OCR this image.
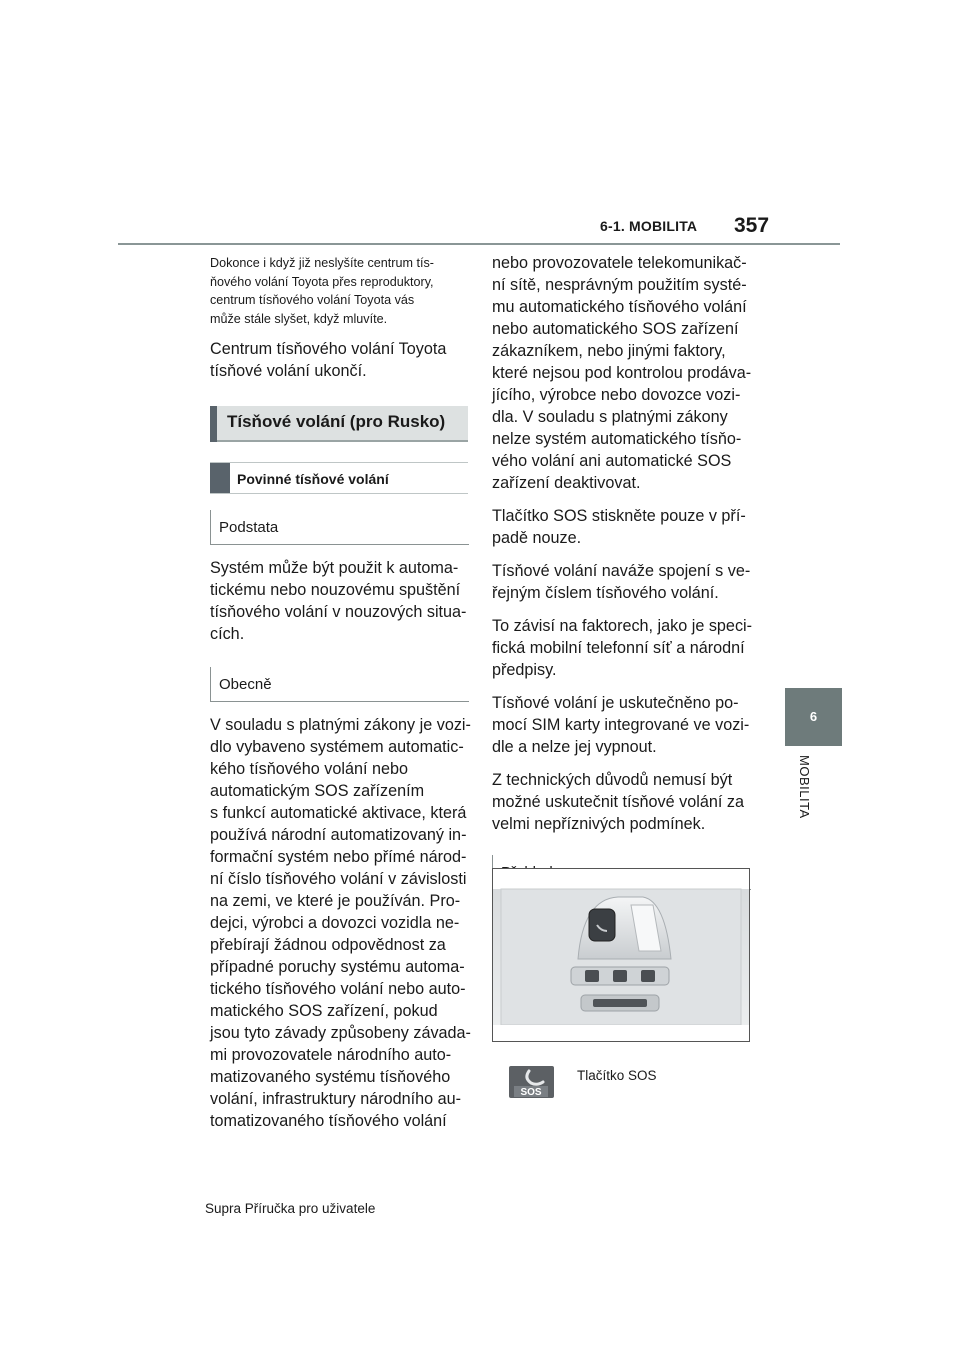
6-1. MOBILITA 357
6
MOBILITA

Dokonce i když již neslyšíte centrum tís-
ňového volání Toyota přes reproduktory,
centrum tísňového volání Toyota vás
může stále slyšet, když mluvíte.

Centrum tísňového volání Toyota
tísňové volání ukončí.

Tísňové volání (pro Rusko)
Povinné tísňové volání
Podstata

Systém může být použit k automa-
tickému nebo nouzovému spuštění
tísňového volání v nouzových situa-
cích.

Obecně

V souladu s platnými zákony je vozi-
dlo vybaveno systémem automatic-
kého tísňového volání nebo
automatickým SOS zařízením
s funkcí automatické aktivace, která
používá národní automatizovaný in-
formační systém nebo přímé národ-
ní číslo tísňového volání v závislosti
na zemi, ve které je používán. Pro-
dejci, výrobci a dovozci vozidla ne-
přebírají žádnou odpovědnost za
případné poruchy systému automa-
tického tísňového volání nebo auto-
matického SOS zařízení, pokud
jsou tyto závady způsobeny závada-
mi provozovatele národního auto-
matizovaného systému tísňového
volání, infrastruktury národního au-
tomatizovaného tísňového volání

nebo provozovatele telekomunikač-
ní sítě, nesprávným použitím systé-
mu automatického tísňového volání
nebo automatického SOS zařízení
zákazníkem, nebo jinými faktory,
které nejsou pod kontrolou prodáva-
jícího, výrobce nebo dovozce vozi-
dla. V souladu s platnými zákony
nelze systém automatického tísňo-
vého volání ani automatické SOS
zařízení deaktivovat.

Tlačítko SOS stiskněte pouze v pří-
padě nouze.

Tísňové volání naváže spojení s ve-
řejným číslem tísňového volání.

To závisí na faktorech, jako je speci-
fická mobilní telefonní síť a národní
předpisy.

Tísňové volání je uskutečněno po-
mocí SIM karty integrované ve vozi-
dle a nelze jej vypnout.

Z technických důvodů nemusí být
možné uskutečnit tísňové volání za
velmi nepříznivých podmínek.

SOS
Tlačítko SOS
Supra Příručka pro uživatele
